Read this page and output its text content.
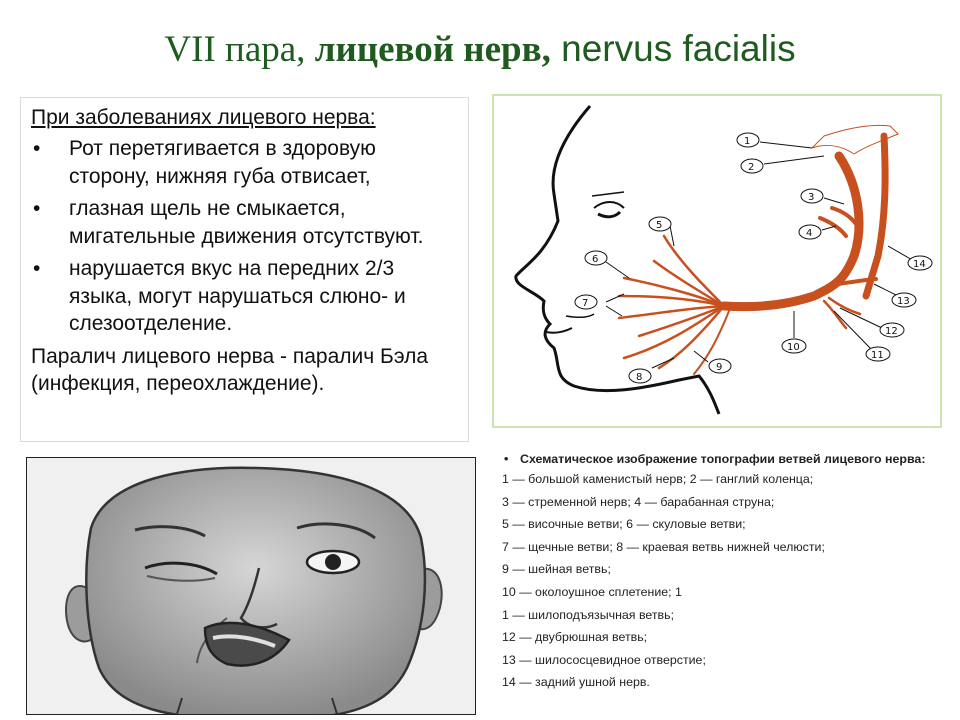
VII пара, лицевой нерв, nervus facialis
При заболеваниях лицевого нерва:
• Рот перетягивается в здоровую сторону, нижняя губа отвисает,
• глазная щель не смыкается, мигательные движения отсутствуют.
• нарушается вкус на передних 2/3 языка, могут нарушаться слюно- и слезоотделение.
Паралич лицевого нерва - паралич Бэла (инфекция, переохлаждение).
1
2
3
4
5
6
7
8
9
10
11
12
13
14
• Схематическое изображение топографии ветвей лицевого нерва:
1 — большой каменистый нерв; 2 — ганглий коленца;
3 — стременной нерв; 4 — барабанная струна;
5 — височные ветви; 6 — скуловые ветви;
7 — щечные ветви; 8 — краевая ветвь нижней челюсти;
9 — шейная ветвь;
10 — околоушное сплетение; 1
1 — шилоподъязычная ветвь;
12 — двубрюшная ветвь;
13 — шилососцевидное отверстие;
14 — задний ушной нерв.
